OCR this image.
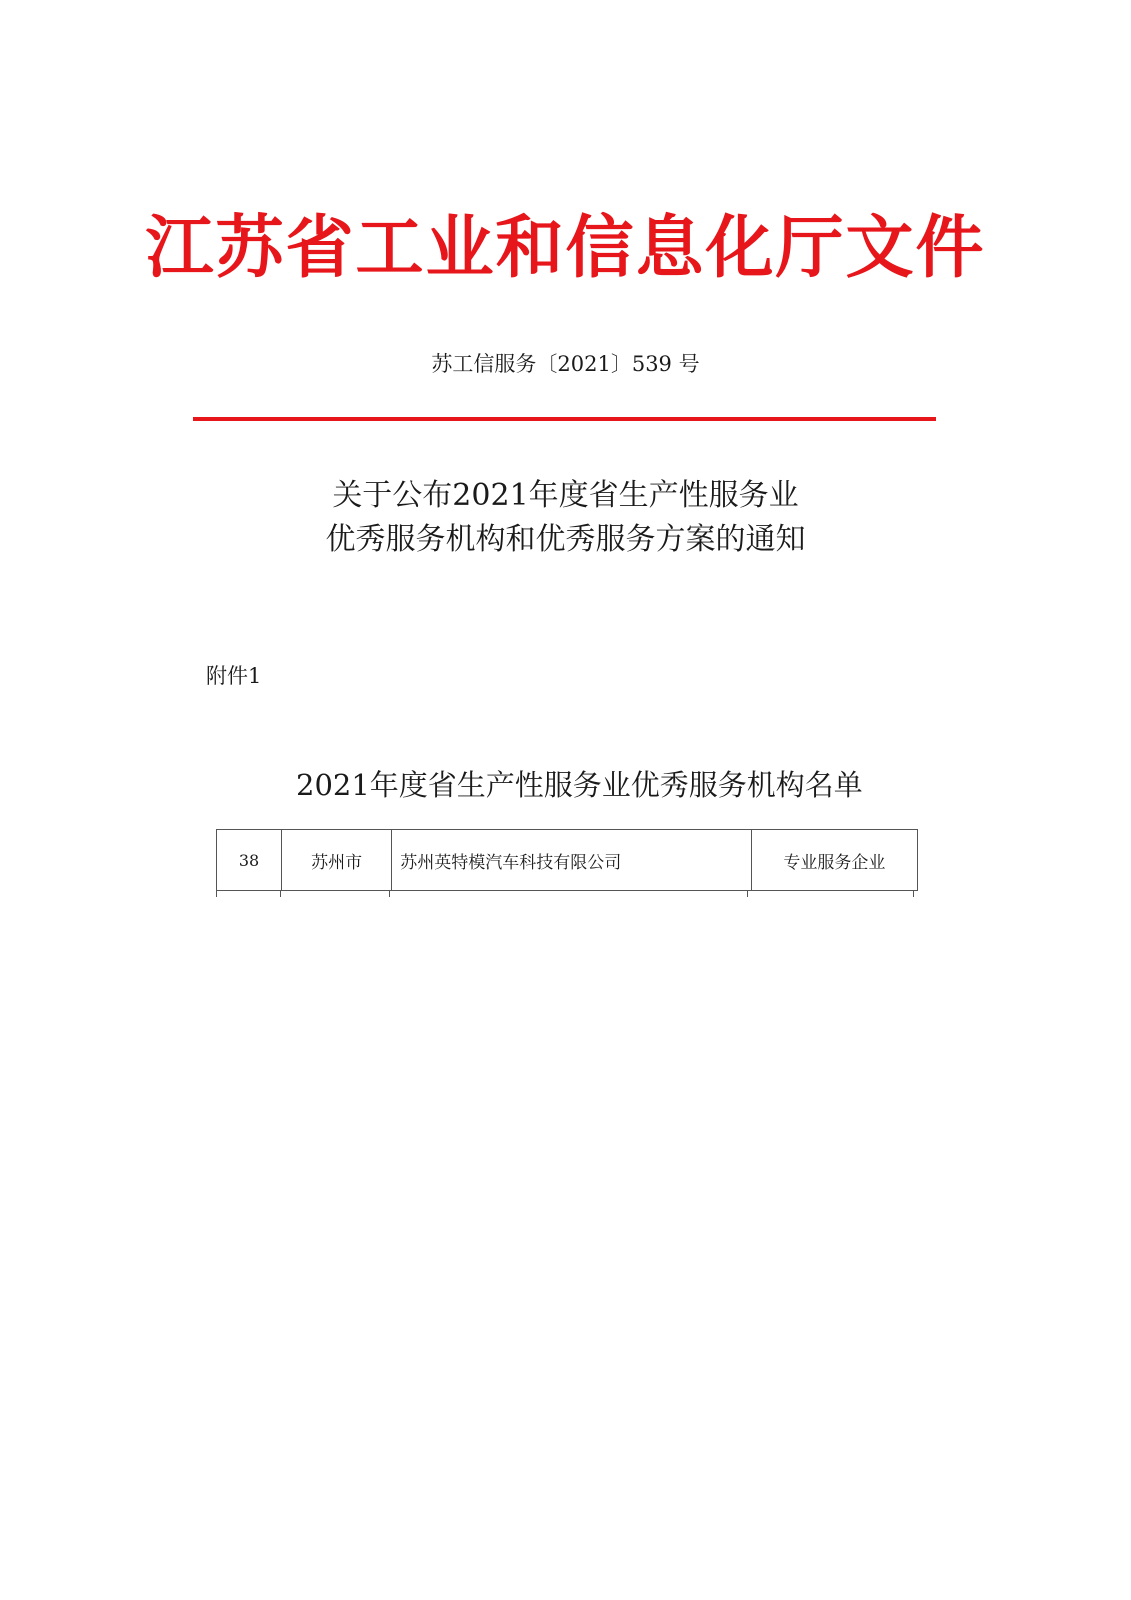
江苏省工业和信息化厅文件
苏工信服务〔2021〕539 号
关于公布2021年度省生产性服务业
优秀服务机构和优秀服务方案的通知
附件1
2021年度省生产性服务业优秀服务机构名单
38	苏州市	苏州英特模汽车科技有限公司	专业服务企业
